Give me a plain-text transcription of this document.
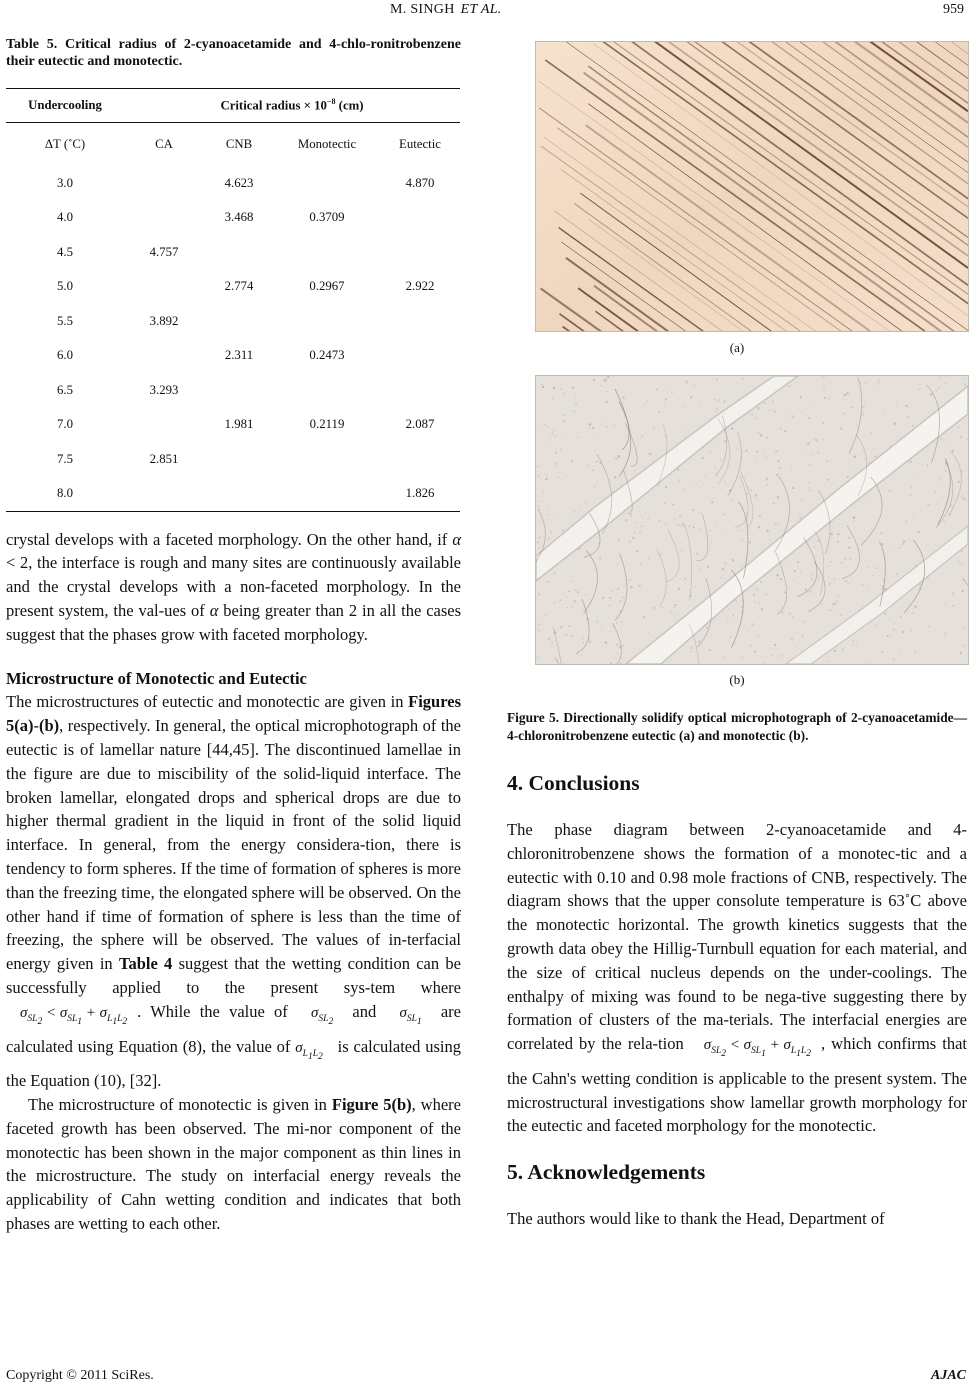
M. SINGH ET AL.	959

Table 5. Critical radius of 2-cyanoacetamide and 4-chlo-ronitrobenzene their eutectic and monotectic.

Undercooling	Critical radius × $10^{-8}$ (cm)			
ΔT (˚C)	CA	CNB	Monotectic	Eutectic
3.0		4.623		4.870
4.0		3.468	0.3709	
4.5	4.757			
5.0		2.774	0.2967	2.922
5.5	3.892			
6.0		2.311	0.2473	
6.5	3.293			
7.0		1.981	0.2119	2.087
7.5	2.851			
8.0				1.826

crystal develops with a faceted morphology. On the other hand, if α < 2, the interface is rough and many sites are continuously available and the crystal develops with a non-faceted morphology. In the present system, the val-ues of α being greater than 2 in all the cases suggest that the phases grow with faceted morphology.

Microstructure of Monotectic and Eutectic

The microstructures of eutectic and monotectic are given in Figures 5(a)-(b), respectively. In general, the optical microphotograph of the eutectic is of lamellar nature [44,45]. The discontinued lamellae in the figure are due to miscibility of the solid-liquid interface. The broken lamellar, elongated drops and spherical drops are due to higher thermal gradient in the liquid in front of the solid liquid interface. In general, from the energy considera-tion, there is tendency to form spheres. If the time of formation of spheres is more than the freezing time, the elongated sphere will be observed. On the other hand if time of formation of sphere is less than the time of freezing, the sphere will be observed. The values of in-terfacial energy given in Table 4 suggest that the wetting condition can be successfully applied to the present sys-tem where $\sigma_{SL_2} < \sigma_{SL_1} + \sigma_{L_1L_2}$. While the value of $\sigma_{SL_2}$ and $\sigma_{SL_1}$ are calculated using Equation (8), the value of $\sigma_{L_1L_2}$ is calculated using the Equation (10), [32].

The microstructure of monotectic is given in Figure 5(b), where faceted growth has been observed. The mi-nor component of the monotectic has been shown in the major component as thin lines in the microstructure. The study on interfacial energy reveals the applicability of Cahn wetting condition and indicates that both phases are wetting to each other.

(a)
(b)

Figure 5. Directionally solidify optical microphotograph of 2-cyanoacetamide—4-chloronitrobenzene eutectic (a) and monotectic (b).

4. Conclusions

The phase diagram between 2-cyanoacetamide and 4-chloronitrobenzene shows the formation of a monotec-tic and a eutectic with 0.10 and 0.98 mole fractions of CNB, respectively. The diagram shows that the upper consolute temperature is 63˚C above the monotectic horizontal. The growth kinetics suggests that the growth data obey the Hillig-Turnbull equation for each material, and the size of critical nucleus depends on the under-coolings. The enthalpy of mixing was found to be nega-tive suggesting there by formation of clusters of the ma-terials. The interfacial energies are correlated by the rela-tion $\sigma_{SL_2} < \sigma_{SL_1} + \sigma_{L_1L_2}$, which confirms that the Cahn's wetting condition is applicable to the present system. The microstructural investigations show lamellar growth morphology for the eutectic and faceted morphology for the monotectic.

5. Acknowledgements

The authors would like to thank the Head, Department of

Copyright © 2011 SciRes.	AJAC
